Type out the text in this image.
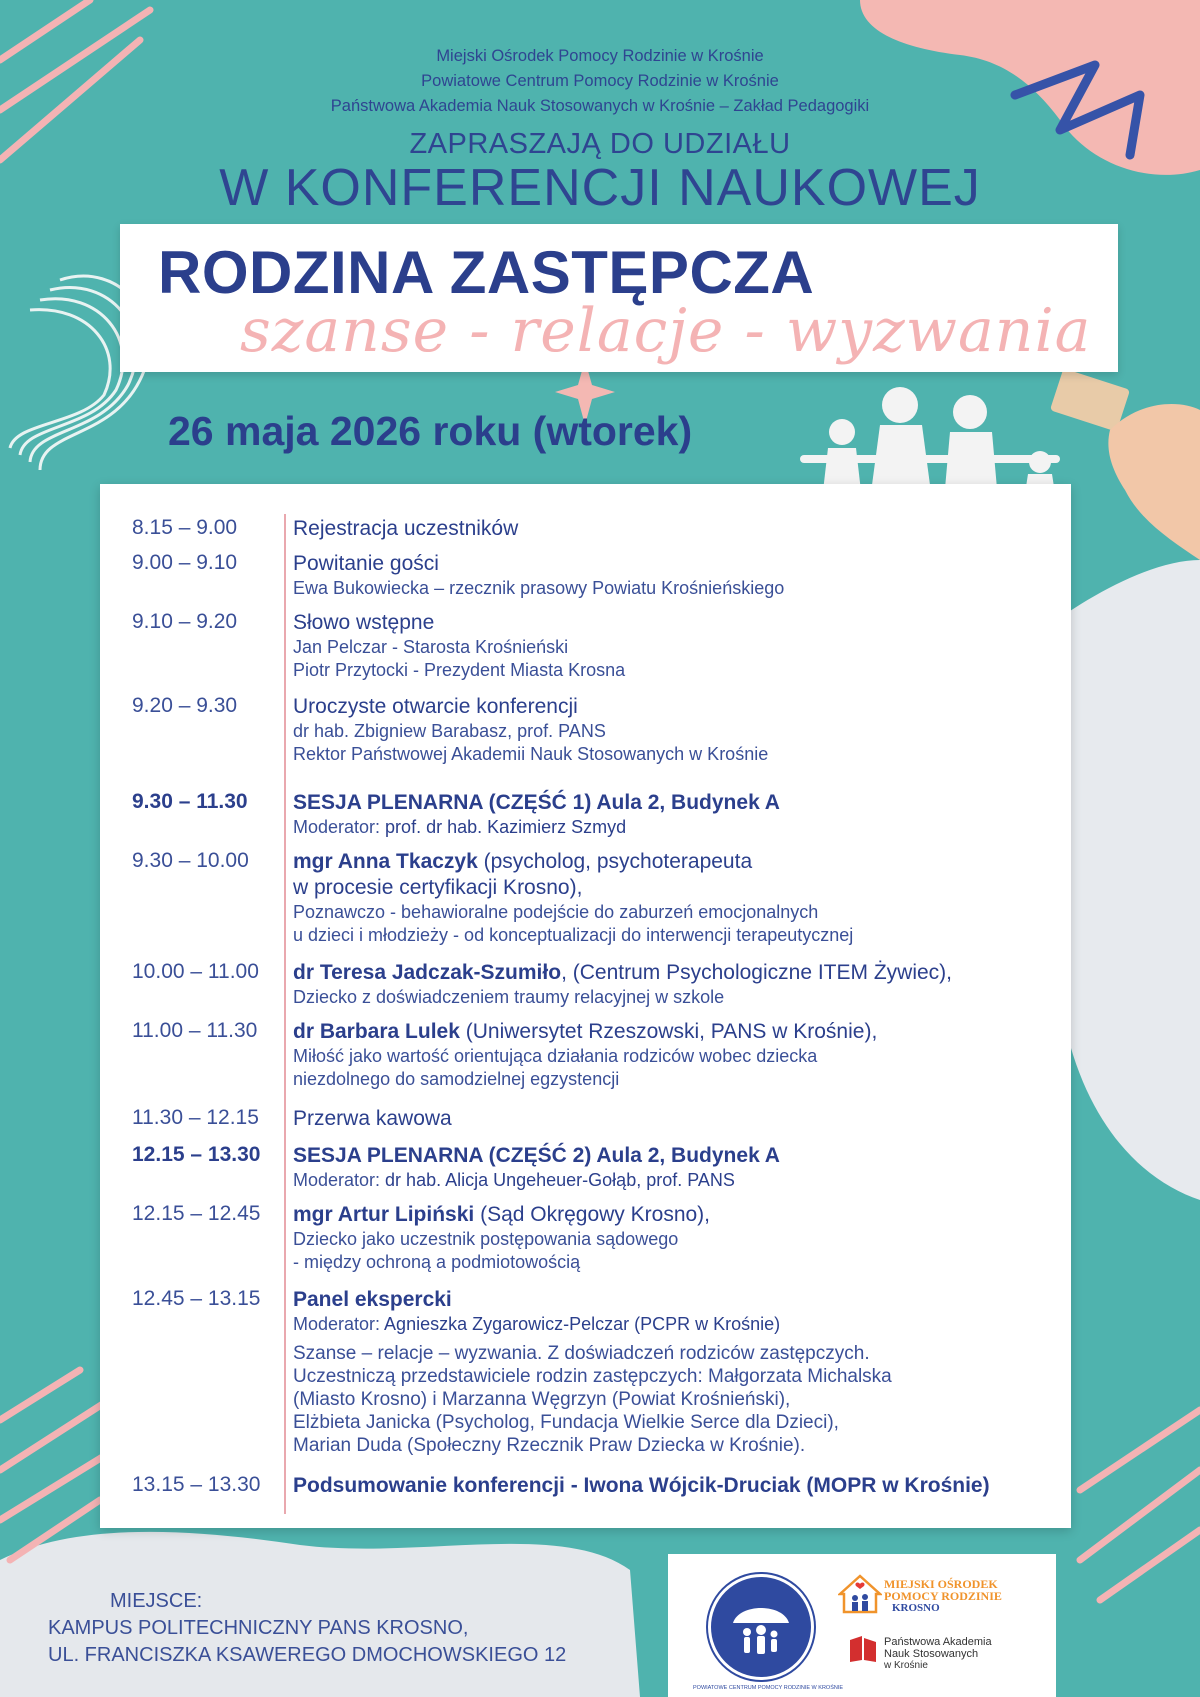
Miejski Ośrodek Pomocy Rodzinie w Krośnie
Powiatowe Centrum Pomocy Rodzinie w Krośnie
Państwowa Akademia Nauk Stosowanych w Krośnie – Zakład Pedagogiki
ZAPRASZAJĄ DO UDZIAŁU
W KONFERENCJI NAUKOWEJ
RODZINA ZASTĘPCZA
szanse - relacje - wyzwania
26 maja 2026 roku (wtorek)
8.15 – 9.00	Rejestracja uczestników
9.00 – 9.10	Powitanie gości
Ewa Bukowiecka – rzecznik prasowy Powiatu Krośnieńskiego
9.10 – 9.20	Słowo wstępne
Jan Pelczar - Starosta Krośnieński
Piotr Przytocki - Prezydent Miasta Krosna
9.20 – 9.30	Uroczyste otwarcie konferencji
dr hab. Zbigniew Barabasz, prof. PANS
Rektor Państwowej Akademii Nauk Stosowanych w Krośnie
9.30 – 11.30 SESJA PLENARNA (CZĘŚĆ 1) Aula 2, Budynek A
Moderator: prof. dr hab. Kazimierz Szmyd
9.30 – 10.00 mgr Anna Tkaczyk (psycholog, psychoterapeuta
w procesie certyfikacji Krosno),
Poznawczo - behawioralne podejście do zaburzeń emocjonalnych
u dzieci i młodzieży - od konceptualizacji do interwencji terapeutycznej
10.00 – 11.00 dr Teresa Jadczak-Szumiło, (Centrum Psychologiczne ITEM Żywiec),
Dziecko z doświadczeniem traumy relacyjnej w szkole
11.00 – 11.30 dr Barbara Lulek (Uniwersytet Rzeszowski, PANS w Krośnie),
Miłość jako wartość orientująca działania rodziców wobec dziecka
niezdolnego do samodzielnej egzystencji
11.30 – 12.15 Przerwa kawowa
12.15 – 13.30 SESJA PLENARNA (CZĘŚĆ 2) Aula 2, Budynek A
Moderator: dr hab. Alicja Ungeheuer-Gołąb, prof. PANS
12.15 – 12.45 mgr Artur Lipiński (Sąd Okręgowy Krosno),
Dziecko jako uczestnik postępowania sądowego
- między ochroną a podmiotowością
12.45 – 13.15 Panel ekspercki
Moderator: Agnieszka Zygarowicz-Pelczar (PCPR w Krośnie)
Szanse – relacje – wyzwania. Z doświadczeń rodziców zastępczych.
Uczestniczą przedstawiciele rodzin zastępczych: Małgorzata Michalska
(Miasto Krosno) i Marzanna Węgrzyn (Powiat Krośnieński),
Elżbieta Janicka (Psycholog, Fundacja Wielkie Serce dla Dzieci),
Marian Duda (Społeczny Rzecznik Praw Dziecka w Krośnie).
13.15 – 13.30 Podsumowanie konferencji - Iwona Wójcik-Druciak (MOPR w Krośnie)
MIEJSCE:
KAMPUS POLITECHNICZNY PANS KROSNO,
UL. FRANCISZKA KSAWEREGO DMOCHOWSKIEGO 12
POWIATOWE CENTRUM POMOCY RODZINIE W KROŚNIE
MIEJSKI OŚRODEK
POMOCY RODZINIE
KROSNO
Państwowa Akademia
Nauk Stosowanych
w Krośnie
